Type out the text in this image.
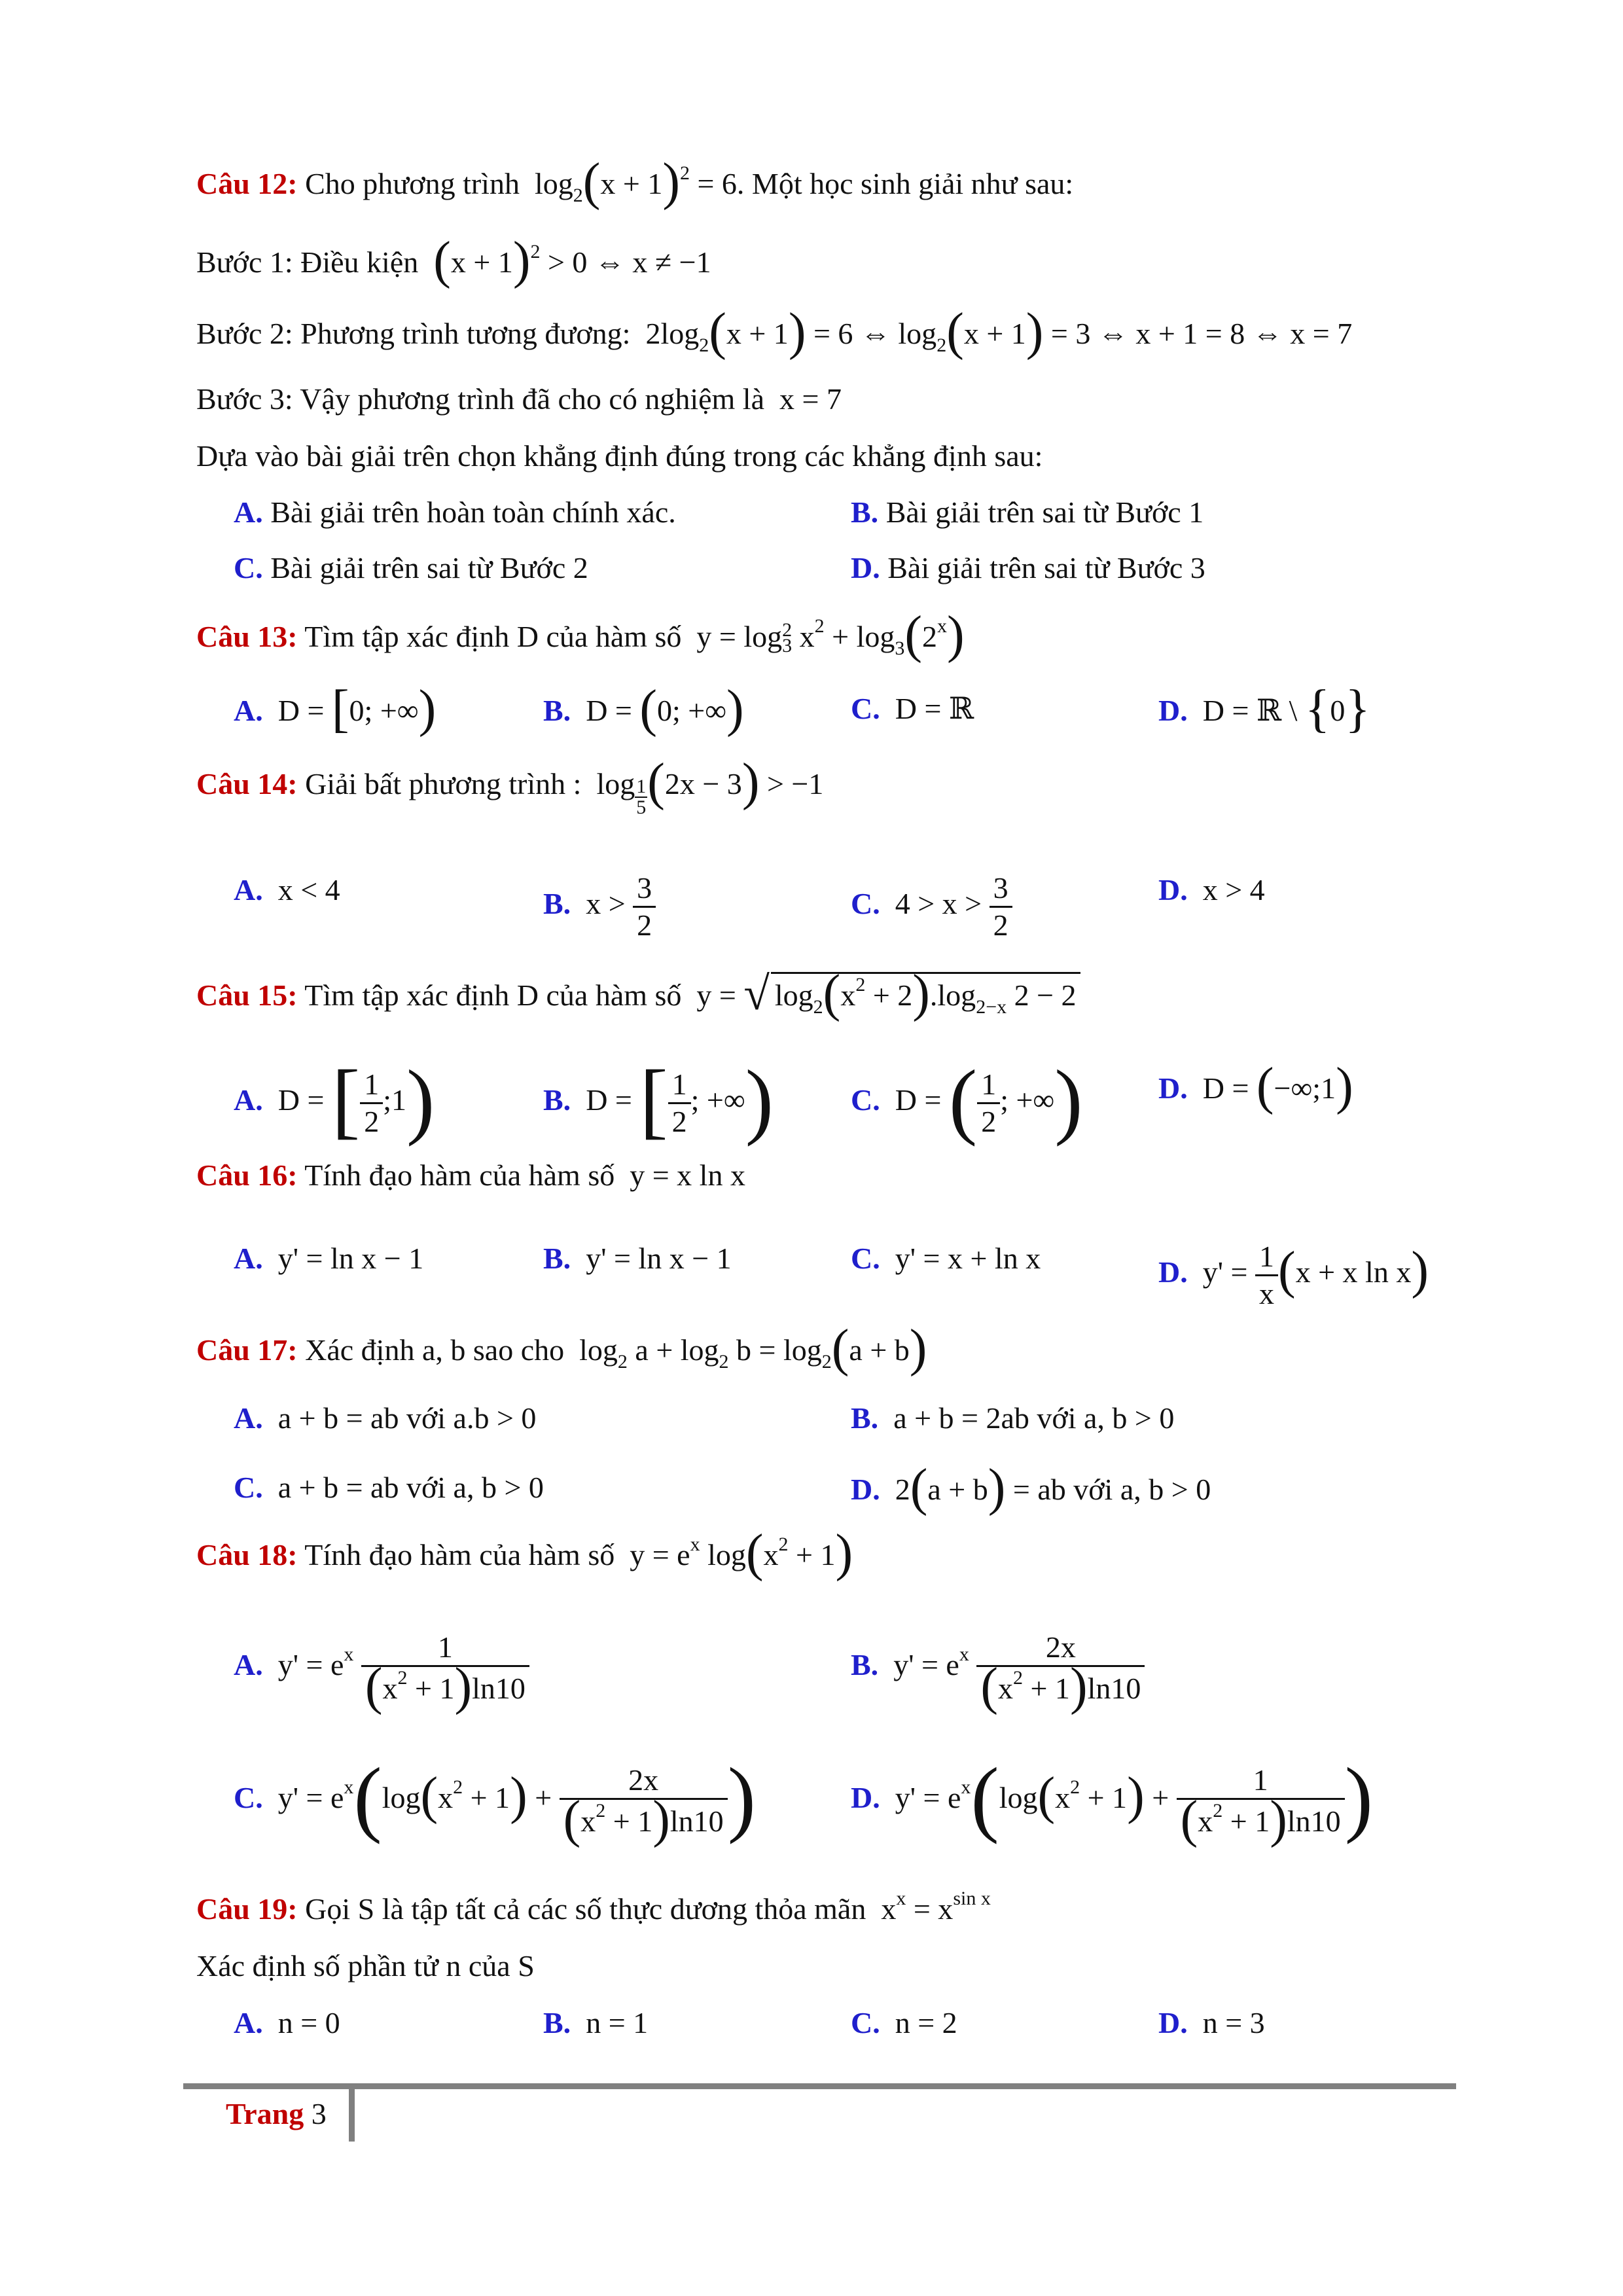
Câu 12: Cho phương trình  $\log_2(x + 1)^2 = 6$. Một học sinh giải như sau:
Bước 1: Điều kiện $(x + 1)^2 > 0$ ⇔ x ≠ −1
Bước 2: Phương trình tương đương:  $2\log_2(x + 1) = 6$ ⇔ $\log_2(x + 1) = 3$ ⇔ x + 1 = 8 ⇔ x = 7
Bước 3: Vậy phương trình đã cho có nghiệm là  x = 7
Dựa vào bài giải trên chọn khẳng định đúng trong các khẳng định sau:
A. Bài giải trên hoàn toàn chính xác.	B. Bài giải trên sai từ Bước 1
C. Bài giải trên sai từ Bước 2	D. Bài giải trên sai từ Bước 3
Câu 13: Tìm tập xác định D của hàm số  y = log 2
3 $x^2 + \log_3(2^x)$
A.  D = [0; +∞)	B.  D = (0; +∞)	C.  D = ℝ	D.  D = ℝ \ {0}
Câu 14: Giải bất phương trình :  $\log \frac{1}{5} (2x - 3) > -1$
A.  x < 4	B.  $x > \frac{3}{2}$	C.  $4 > x > \frac{3}{2}$	D.  x > 4
Câu 15: Tìm tập xác định D của hàm số  y = √ $\log_2(x^2 + 2).\log_{2-x}$ 2 − 2
A.  D = [ $\frac{1}{2}$ ;1)	B.  D = [ $\frac{1}{2}$ ; +∞)	C.  D = ( $\frac{1}{2}$ ; +∞)	D.  D = (−∞;1)
Câu 16: Tính đạo hàm của hàm số  y = x ln x
A.  y' = ln x − 1	B.  y' = ln x − 1	C.  y' = x + ln x	D.  $y' = \frac{1}{x} (x + x$ ln x)
Câu 17: Xác định a, b sao cho  $\log_2 a + \log_2 b = \log_2(a + b)$
A.  a + b = ab với a.b > 0	B.  a + b = 2ab với a, b > 0
C.  a + b = ab với a, b > 0	D.  2(a + b) = ab với a, b > 0
Câu 18: Tính đạo hàm của hàm số  $y = e^x$ $\log(x^2 + 1)$
A.  $y' = e^x \frac{1}{(x^2 + 1)\ln 10}$	B.  $y' = e^x \frac{2x}{(x^2 + 1)\ln 10}$
C.  $y' = e^x(\log(x^2 + 1) + \frac{2x}{(x^2 + 1)\ln 10}$ )	D.  $y' = e^x(\log(x^2 + 1) + \frac{1}{(x^2 + 1)\ln 10}$ )
Câu 19: Gọi S là tập tất cả các số thực dương thỏa mãn  $x^x = x^{sin x}$
Xác định số phần tử n của S
A.  n = 0	B.  n = 1	C.  n = 2	D.  n = 3
Trang 3
